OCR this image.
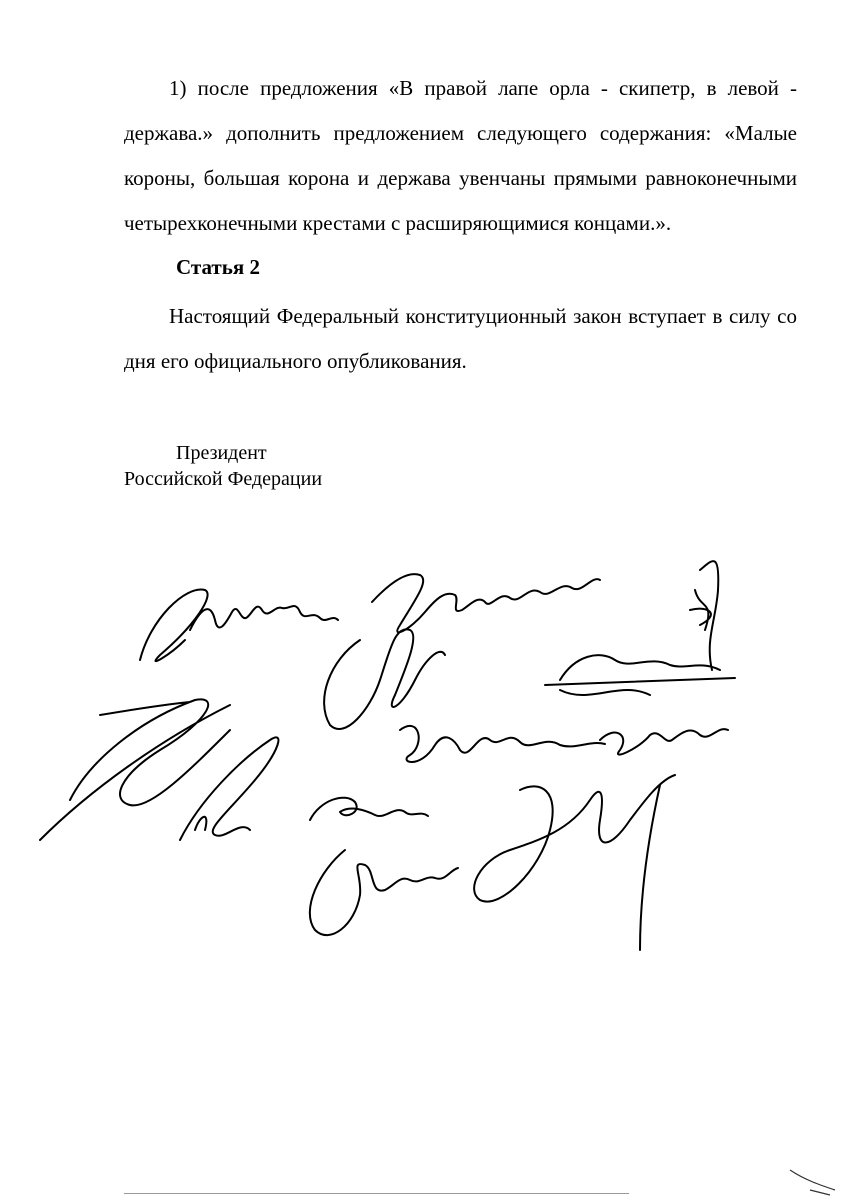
1) после предложения «В правой лапе орла - скипетр, в левой - держава.» дополнить предложением следующего содержания: «Малые короны, большая корона и держава увенчаны прямыми равноконечными четырехконечными крестами с расширяющимися концами.».

Статья 2

Настоящий Федеральный конституционный закон вступает в силу со дня его официального опубликования.

Президент
Российской Федерации
